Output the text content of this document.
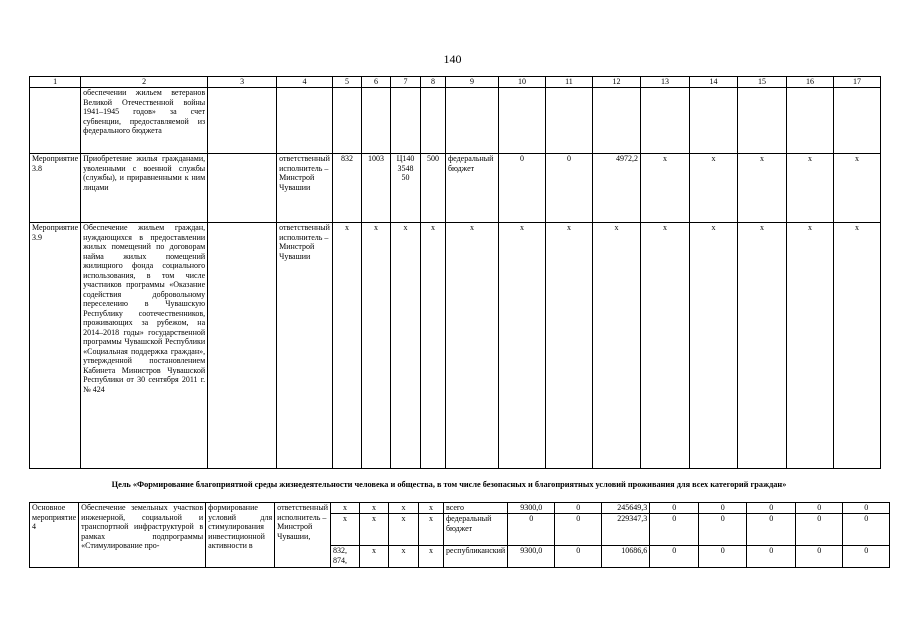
140
1	2	3	4	5	6	7	8	9	10	11	12	13	14	15	16	17
	обеспечении жильем ветеранов Великой Отечественной войны 1941–1945 годов» за счет субвенции, предоставляемой из федерального бюджета															
Мероприятие 3.8	Приобретение жилья гражданами, уволенными с военной службы (службы), и приравненными к ним лицами		ответственный исполнитель – Минстрой Чувашии	832	1003	Ц140 3548 50	500	федеральный бюджет	0	0	4972,2	x	x	x	x	x
Мероприятие 3.9	Обеспечение жильем граждан, нуждающихся в предоставлении жилых помещений по договорам найма жилых помещений жилищного фонда социального использования, в том числе участников программы «Оказание содействия добровольному переселению в Чувашскую Республику соотечественников, проживающих за рубежом, на 2014–2018 годы» государственной программы Чувашской Республики «Социальная поддержка граждан», утвержденной постановлением Кабинета Министров Чувашской Республики от 30 сентября 2011 г. № 424		ответственный исполнитель – Минстрой Чувашии	x	x	x	x	x	x	x	x	x	x	x	x	x
Цель «Формирование благоприятной среды жизнедеятельности человека и общества, в том числе безопасных и благоприятных условий проживания для всех категорий граждан»
Основное мероприятие 4	Обеспечение земельных участков инженерной, социальной и транспортной инфраструктурой в рамках подпрограммы «Стимулирование про-	формирование условий для стимулирования инвестиционной активности в	ответственный исполнитель – Минстрой Чувашии,	x	x	x	x	всего	9300,0	0	245649,3	0	0	0	0	0
				x	x	x	x	федеральный бюджет	0	0	229347,3	0	0	0	0	0
				832, 874,	x	x	x	республиканский	9300,0	0	10686,6	0	0	0	0	0
